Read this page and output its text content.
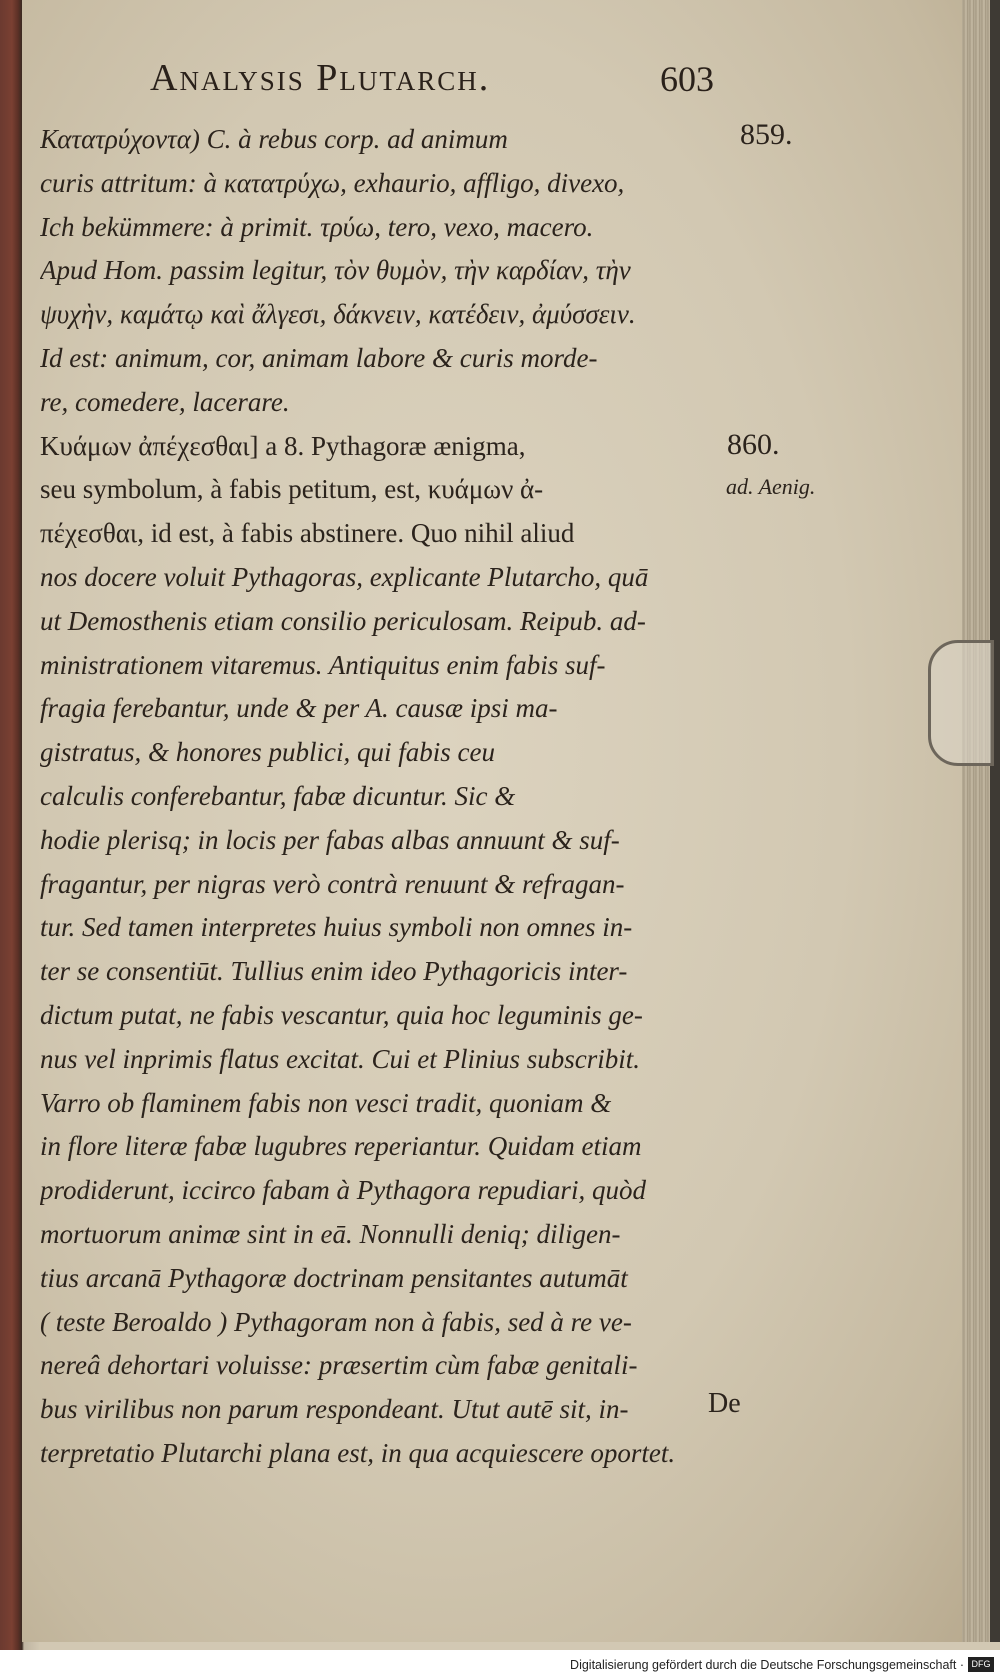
Analysis Plutarch.	603
859.
860.
ad. Aenig.
Κατατρύχοντα) C. à rebus corp. ad animum
curis attritum: à κατατρύχω, exhaurio, affligo, divexo,
Ich bekümmere: à primit. τρύω, tero, vexo, macero.
Apud Hom. passim legitur, τὸν θυμὸν, τὴν καρδίαν, τὴν
ψυχὴν, καμάτῳ καὶ ἄλγεσι, δάκνειν, κατέδειν, ἀμύσσειν.
Id est: animum, cor, animam labore & curis morde-
re, comedere, lacerare.
Κυάμων ἀπέχεσθαι] a 8. Pythagoræ ænigma,
seu symbolum, à fabis petitum, est, κυάμων ἀ-
πέχεσθαι, id est, à fabis abstinere. Quo nihil aliud
nos docere voluit Pythagoras, explicante Plutarcho, quā
ut Demosthenis etiam consilio periculosam. Reipub. ad-
ministrationem vitaremus. Antiquitus enim fabis suf-
fragia ferebantur, unde & per A. causæ ipsi ma-
gistratus, & honores publici, qui fabis ceu
calculis conferebantur, fabæ dicuntur. Sic &
hodie plerisq; in locis per fabas albas annuunt & suf-
fragantur, per nigras verò contrà renuunt & refragan-
tur. Sed tamen interpretes huius symboli non omnes in-
ter se consentiūt. Tullius enim ideo Pythagoricis inter-
dictum putat, ne fabis vescantur, quia hoc leguminis ge-
nus vel inprimis flatus excitat. Cui et Plinius subscribit.
Varro ob flaminem fabis non vesci tradit, quoniam &
in flore literæ fabæ lugubres reperiantur. Quidam etiam
prodiderunt, iccirco fabam à Pythagora repudiari, quòd
mortuorum animæ sint in eā. Nonnulli deniq; diligen-
tius arcanā Pythagoræ doctrinam pensitantes autumāt
( teste Beroaldo ) Pythagoram non à fabis, sed à re ve-
nereâ dehortari voluisse: præsertim cùm fabæ genitali-
bus virilibus non parum respondeant. Utut autē sit, in-
terpretatio Plutarchi plana est, in qua acquiescere oportet.
De
Digitalisierung gefördert durch die Deutsche Forschungsgemeinschaft · DFG
